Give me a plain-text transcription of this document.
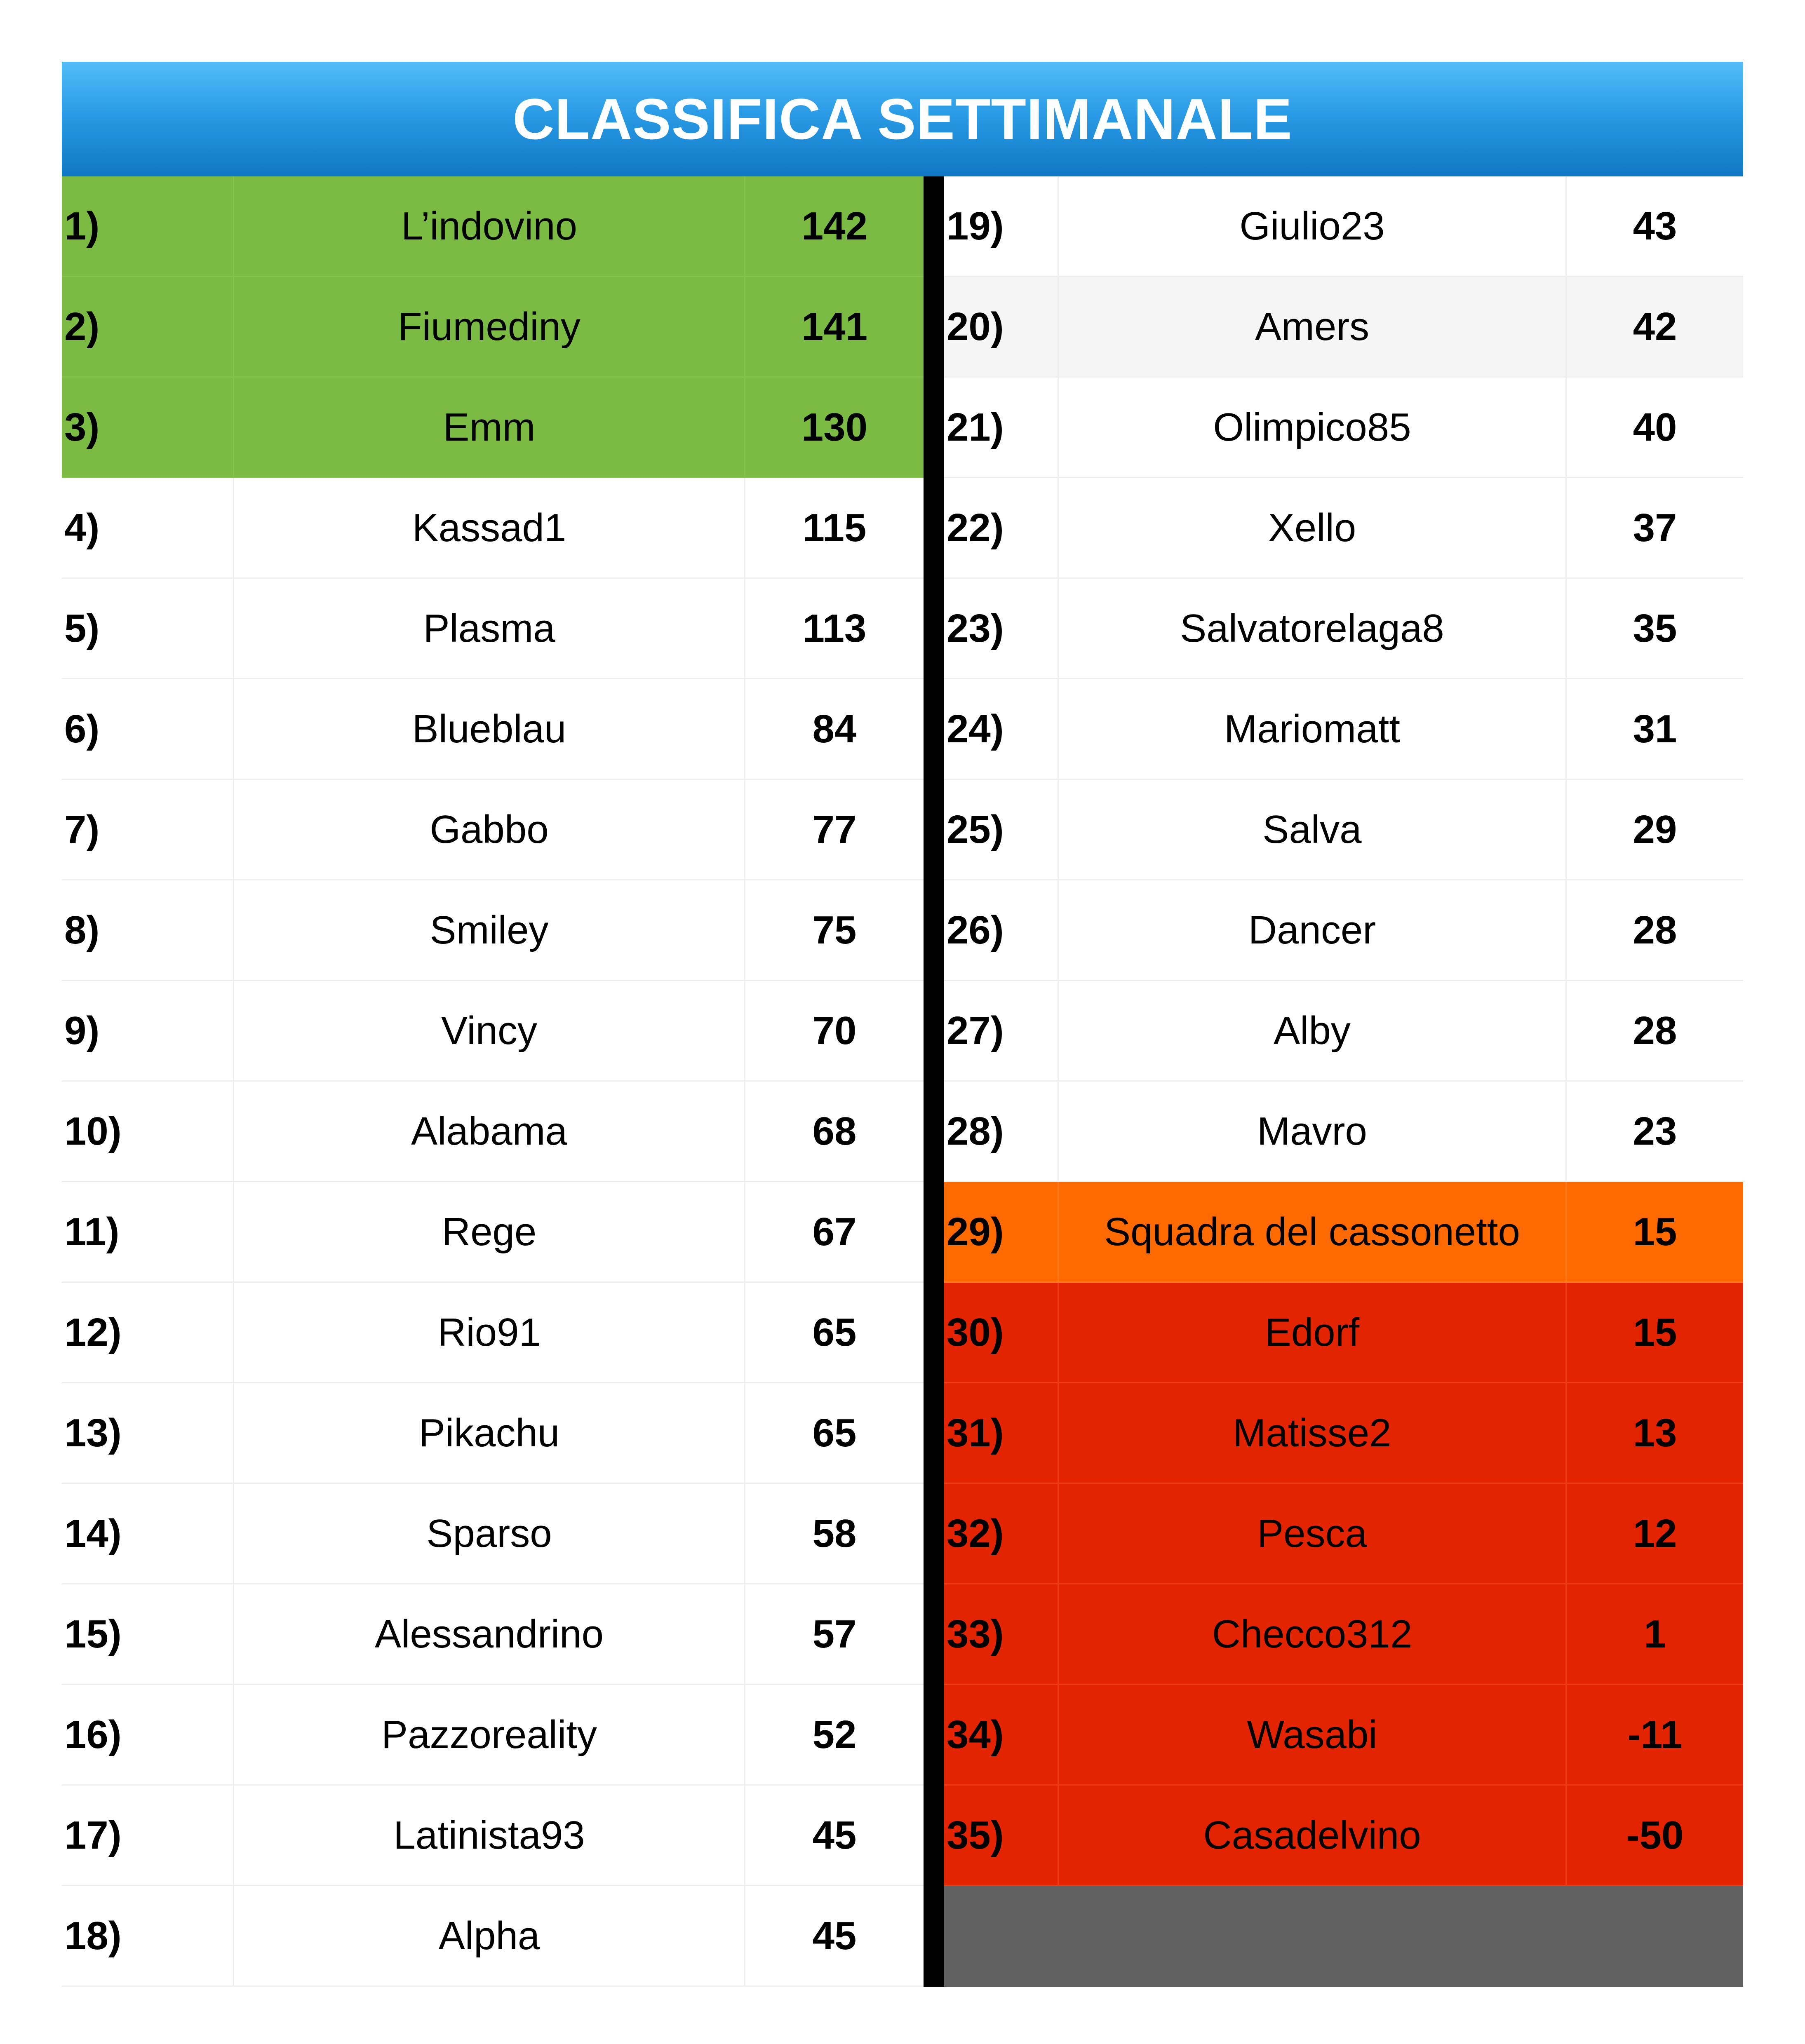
CLASSIFICA SETTIMANALE
1)	L’indovino	142
2)	Fiumediny	141
3)	Emm	130
4)	Kassad1	115
5)	Plasma	113
6)	Blueblau	84
7)	Gabbo	77
8)	Smiley	75
9)	Vincy	70
10)	Alabama	68
11)	Rege	67
12)	Rio91	65
13)	Pikachu	65
14)	Sparso	58
15)	Alessandrino	57
16)	Pazzoreality	52
17)	Latinista93	45
18)	Alpha	45
19)	Giulio23	43
20)	Amers	42
21)	Olimpico85	40
22)	Xello	37
23)	Salvatorelaga8	35
24)	Mariomatt	31
25)	Salva	29
26)	Dancer	28
27)	Alby	28
28)	Mavro	23
29)	Squadra del cassonetto	15
30)	Edorf	15
31)	Matisse2	13
32)	Pesca	12
33)	Checco312	1
34)	Wasabi	-11
35)	Casadelvino	-50
